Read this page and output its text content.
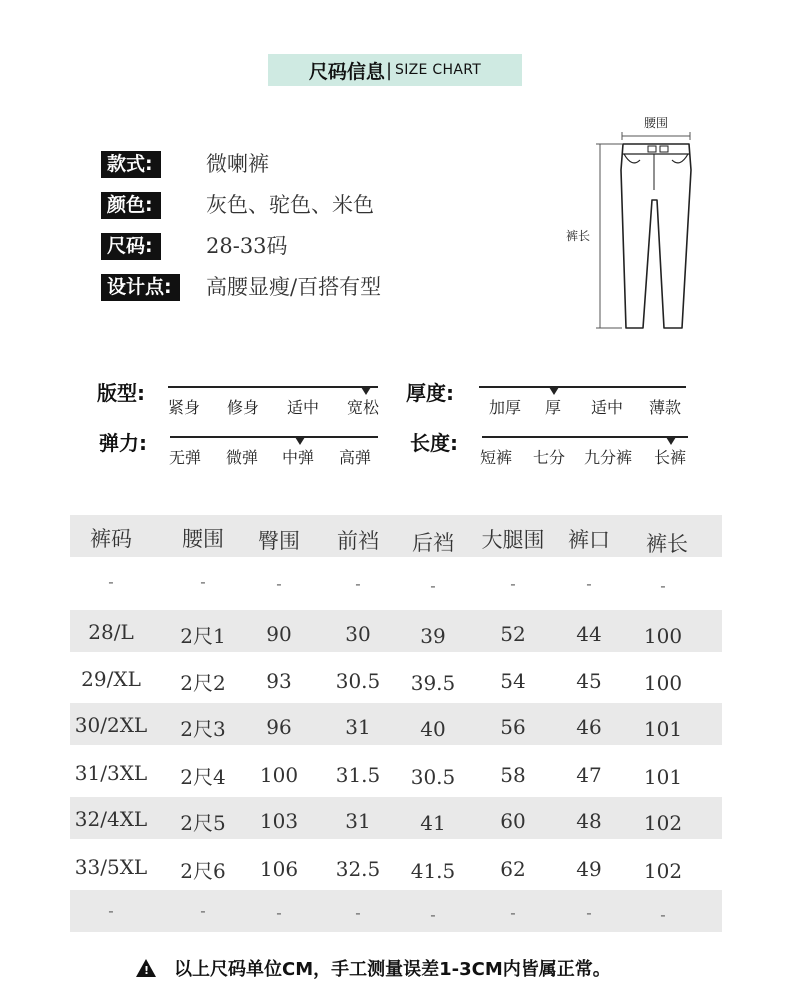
尺码信息 | SIZE CHART
款式:	微喇裤
颜色:	灰色、驼色、米色
尺码:	28-33码
设计点:	高腰显瘦/百搭有型
腰围
裤长
版型:
紧身 修身 适中 宽松
厚度:
加厚 厚 适中 薄款
弹力:
无弹 微弹 中弹 高弹
长度:
短裤 七分 九分裤 长裤
裤码	腰围	臀围	前裆	后裆	大腿围	裤口	裤长
-	-	-	-	-	-	-	-
28/L	2尺1	90	30	39	52	44	100
29/XL	2尺2	93	30.5	39.5	54	45	100
30/2XL	2尺3	96	31	40	56	46	101
31/3XL	2尺4	100	31.5	30.5	58	47	101
32/4XL	2尺5	103	31	41	60	48	102
33/5XL	2尺6	106	32.5	41.5	62	49	102
-	-	-	-	-	-	-	-
! 以上尺码单位CM，手工测量误差1-3CM内皆属正常。
